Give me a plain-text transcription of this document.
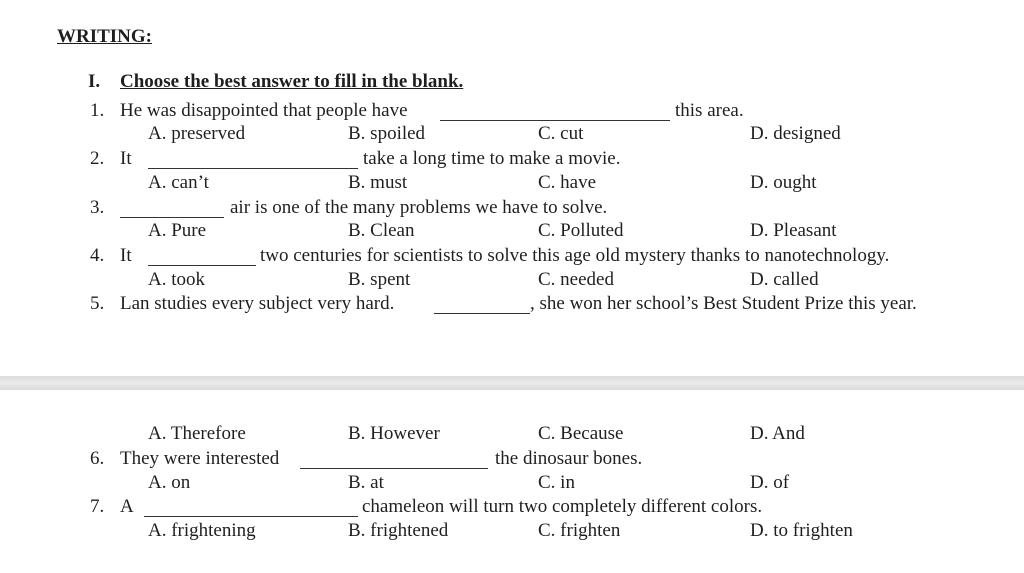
WRITING:
I. Choose the best answer to fill in the blank.
1. He was disappointed that people have	this area.
A. preserved	B. spoiled	C. cut	D. designed
2. It	take a long time to make a movie.
A. can’t	B. must	C. have	D. ought
3.	air is one of the many problems we have to solve.
A. Pure	B. Clean	C. Polluted	D. Pleasant
4. It	two centuries for scientists to solve this age old mystery thanks to nanotechnology.
A. took	B. spent	C. needed	D. called
5. Lan studies every subject very hard.	, she won her school’s Best Student Prize this year.
A. Therefore	B. However	C. Because	D. And
6. They were interested	the dinosaur bones.
A. on	B. at	C. in	D. of
7. A	chameleon will turn two completely different colors.
A. frightening	B. frightened	C. frighten	D. to frighten
